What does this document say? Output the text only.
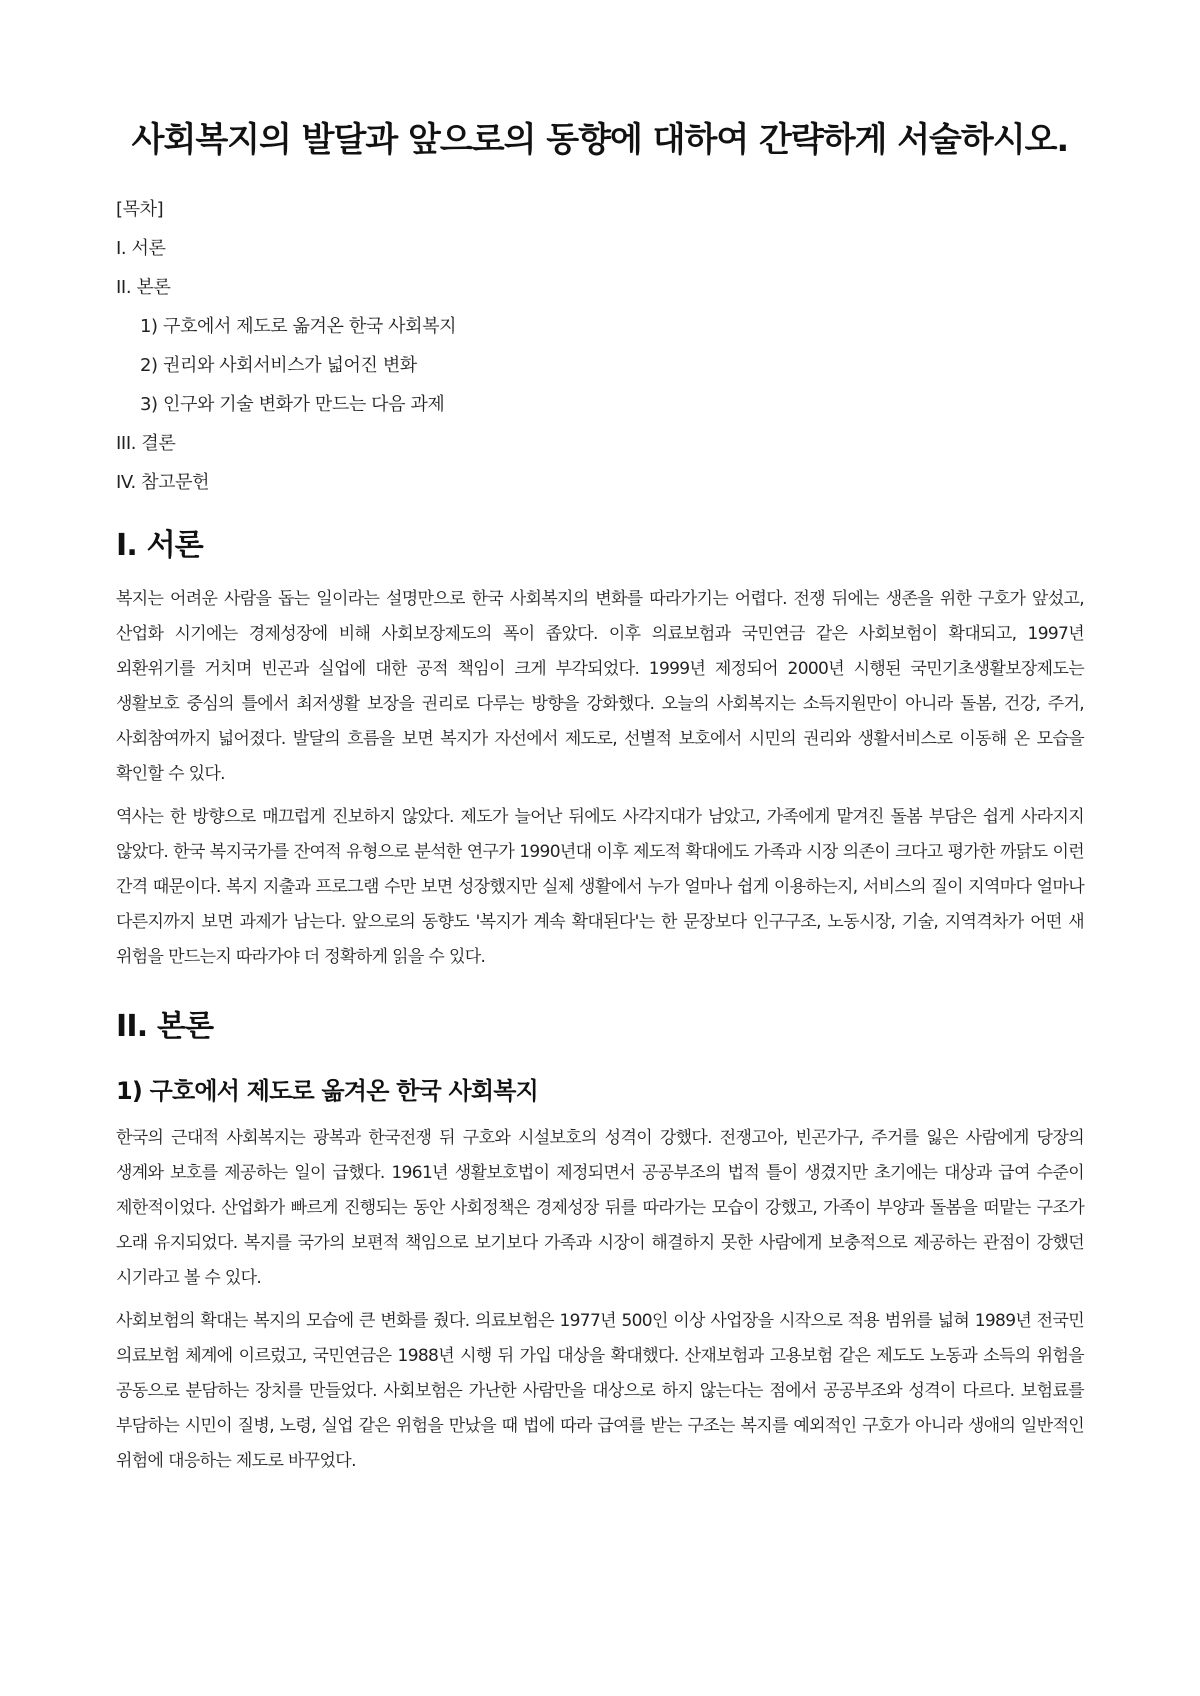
사회복지의 발달과 앞으로의 동향에 대하여 간략하게 서술하시오.
[목차]
I. 서론
II. 본론
1) 구호에서 제도로 옮겨온 한국 사회복지
2) 권리와 사회서비스가 넓어진 변화
3) 인구와 기술 변화가 만드는 다음 과제
III. 결론
IV. 참고문헌
I. 서론

복지는 어려운 사람을 돕는 일이라는 설명만으로 한국 사회복지의 변화를 따라가기는 어렵다. 전쟁 뒤에는 생존을 위한 구호가 앞섰고, 산업화 시기에는 경제성장에 비해 사회보장제도의 폭이 좁았다. 이후 의료보험과 국민연금 같은 사회보험이 확대되고, 1997년 외환위기를 거치며 빈곤과 실업에 대한 공적 책임이 크게 부각되었다. 1999년 제정되어 2000년 시행된 국민기초생활보장제도는 생활보호 중심의 틀에서 최저생활 보장을 권리로 다루는 방향을 강화했다. 오늘의 사회복지는 소득지원만이 아니라 돌봄, 건강, 주거, 사회참여까지 넓어졌다. 발달의 흐름을 보면 복지가 자선에서 제도로, 선별적 보호에서 시민의 권리와 생활서비스로 이동해 온 모습을 확인할 수 있다.

역사는 한 방향으로 매끄럽게 진보하지 않았다. 제도가 늘어난 뒤에도 사각지대가 남았고, 가족에게 맡겨진 돌봄 부담은 쉽게 사라지지 않았다. 한국 복지국가를 잔여적 유형으로 분석한 연구가 1990년대 이후 제도적 확대에도 가족과 시장 의존이 크다고 평가한 까닭도 이런 간격 때문이다. 복지 지출과 프로그램 수만 보면 성장했지만 실제 생활에서 누가 얼마나 쉽게 이용하는지, 서비스의 질이 지역마다 얼마나 다른지까지 보면 과제가 남는다. 앞으로의 동향도 '복지가 계속 확대된다'는 한 문장보다 인구구조, 노동시장, 기술, 지역격차가 어떤 새 위험을 만드는지 따라가야 더 정확하게 읽을 수 있다.

II. 본론
1) 구호에서 제도로 옮겨온 한국 사회복지

한국의 근대적 사회복지는 광복과 한국전쟁 뒤 구호와 시설보호의 성격이 강했다. 전쟁고아, 빈곤가구, 주거를 잃은 사람에게 당장의 생계와 보호를 제공하는 일이 급했다. 1961년 생활보호법이 제정되면서 공공부조의 법적 틀이 생겼지만 초기에는 대상과 급여 수준이 제한적이었다. 산업화가 빠르게 진행되는 동안 사회정책은 경제성장 뒤를 따라가는 모습이 강했고, 가족이 부양과 돌봄을 떠맡는 구조가 오래 유지되었다. 복지를 국가의 보편적 책임으로 보기보다 가족과 시장이 해결하지 못한 사람에게 보충적으로 제공하는 관점이 강했던 시기라고 볼 수 있다.

사회보험의 확대는 복지의 모습에 큰 변화를 줬다. 의료보험은 1977년 500인 이상 사업장을 시작으로 적용 범위를 넓혀 1989년 전국민 의료보험 체계에 이르렀고, 국민연금은 1988년 시행 뒤 가입 대상을 확대했다. 산재보험과 고용보험 같은 제도도 노동과 소득의 위험을 공동으로 분담하는 장치를 만들었다. 사회보험은 가난한 사람만을 대상으로 하지 않는다는 점에서 공공부조와 성격이 다르다. 보험료를 부담하는 시민이 질병, 노령, 실업 같은 위험을 만났을 때 법에 따라 급여를 받는 구조는 복지를 예외적인 구호가 아니라 생애의 일반적인 위험에 대응하는 제도로 바꾸었다.
